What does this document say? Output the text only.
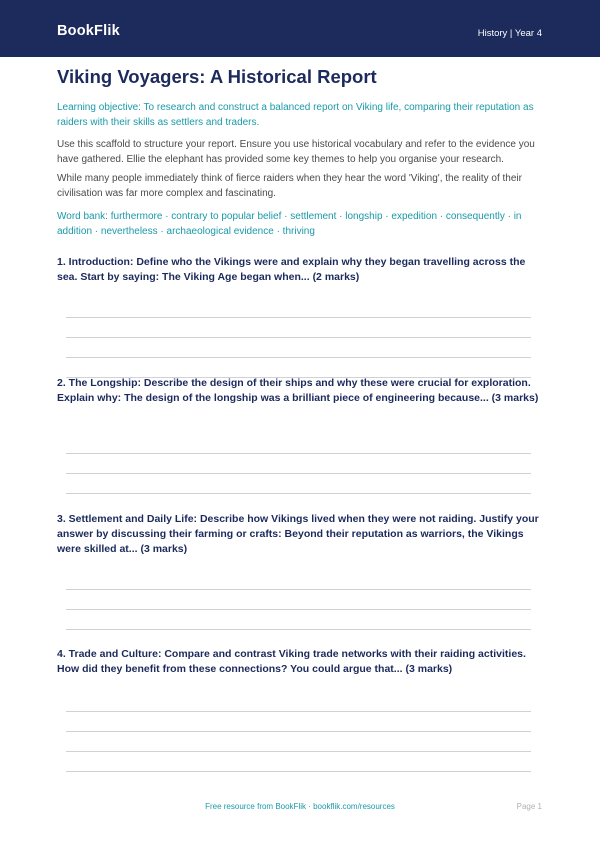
BookFlik	History | Year 4
Viking Voyagers: A Historical Report

Learning objective: To research and construct a balanced report on Viking life, comparing their reputation as raiders with their skills as settlers and traders.

Use this scaffold to structure your report. Ensure you use historical vocabulary and refer to the evidence you have gathered. Ellie the elephant has provided some key themes to help you organise your research.

While many people immediately think of fierce raiders when they hear the word 'Viking', the reality of their civilisation was far more complex and fascinating.

Word bank: furthermore · contrary to popular belief · settlement · longship · expedition · consequently · in addition · nevertheless · archaeological evidence · thriving

1. Introduction: Define who the Vikings were and explain why they began travelling across the sea. Start by saying: The Viking Age began when... (2 marks)

2. The Longship: Describe the design of their ships and why these were crucial for exploration. Explain why: The design of the longship was a brilliant piece of engineering because... (3 marks)

3. Settlement and Daily Life: Describe how Vikings lived when they were not raiding. Justify your answer by discussing their farming or crafts: Beyond their reputation as warriors, the Vikings were skilled at... (3 marks)

4. Trade and Culture: Compare and contrast Viking trade networks with their raiding activities. How did they benefit from these connections? You could argue that... (3 marks)

Free resource from BookFlik · bookflik.com/resources	Page 1
